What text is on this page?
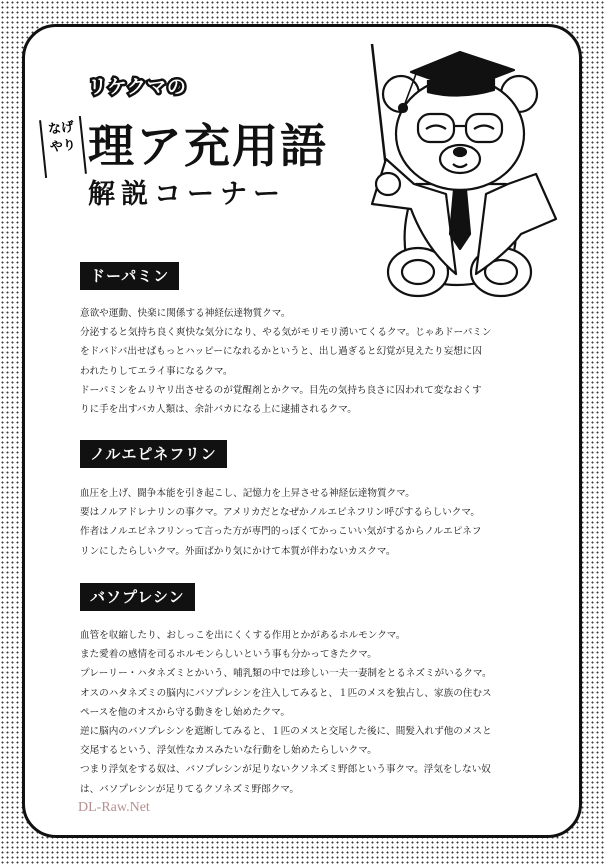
リケクマの
なげ
やり 理ア充用語
解説コーナー
ドーパミン
意欲や運動、快楽に関係する神経伝達物質クマ。
分泌すると気持ち良く爽快な気分になり、やる気がモリモリ湧いてくるクマ。じゃあドーパミン
をドバドバ出せばもっとハッピーになれるかというと、出し過ぎると幻覚が見えたり妄想に囚
われたりしてエライ事になるクマ。
ドーパミンをムリヤリ出させるのが覚醒剤とかクマ。目先の気持ち良さに囚われて変なおくす
りに手を出すバカ人類は、余計バカになる上に逮捕されるクマ。
ノルエピネフリン
血圧を上げ、闘争本能を引き起こし、記憶力を上昇させる神経伝達物質クマ。
要はノルアドレナリンの事クマ。アメリカだとなぜかノルエピネフリン呼びするらしいクマ。
作者はノルエピネフリンって言った方が専門的っぽくてかっこいい気がするからノルエピネフ
リンにしたらしいクマ。外面ばかり気にかけて本質が伴わないカスクマ。
バソプレシン
血管を収縮したり、おしっこを出にくくする作用とかがあるホルモンクマ。
また愛着の感情を司るホルモンらしいという事も分かってきたクマ。
プレーリー・ハタネズミとかいう、哺乳類の中では珍しい一夫一妻制をとるネズミがいるクマ。
オスのハタネズミの脳内にバソプレシンを注入してみると、１匹のメスを独占し、家族の住むス
ペースを他のオスから守る動きをし始めたクマ。
逆に脳内のバソプレシンを遮断してみると、１匹のメスと交尾した後に、間髪入れず他のメスと
交尾するという、浮気性なカスみたいな行動をし始めたらしいクマ。
つまり浮気をする奴は、バソプレシンが足りないクソネズミ野郎という事クマ。浮気をしない奴
は、バソプレシンが足りてるクソネズミ野郎クマ。
DL-Raw.Net
